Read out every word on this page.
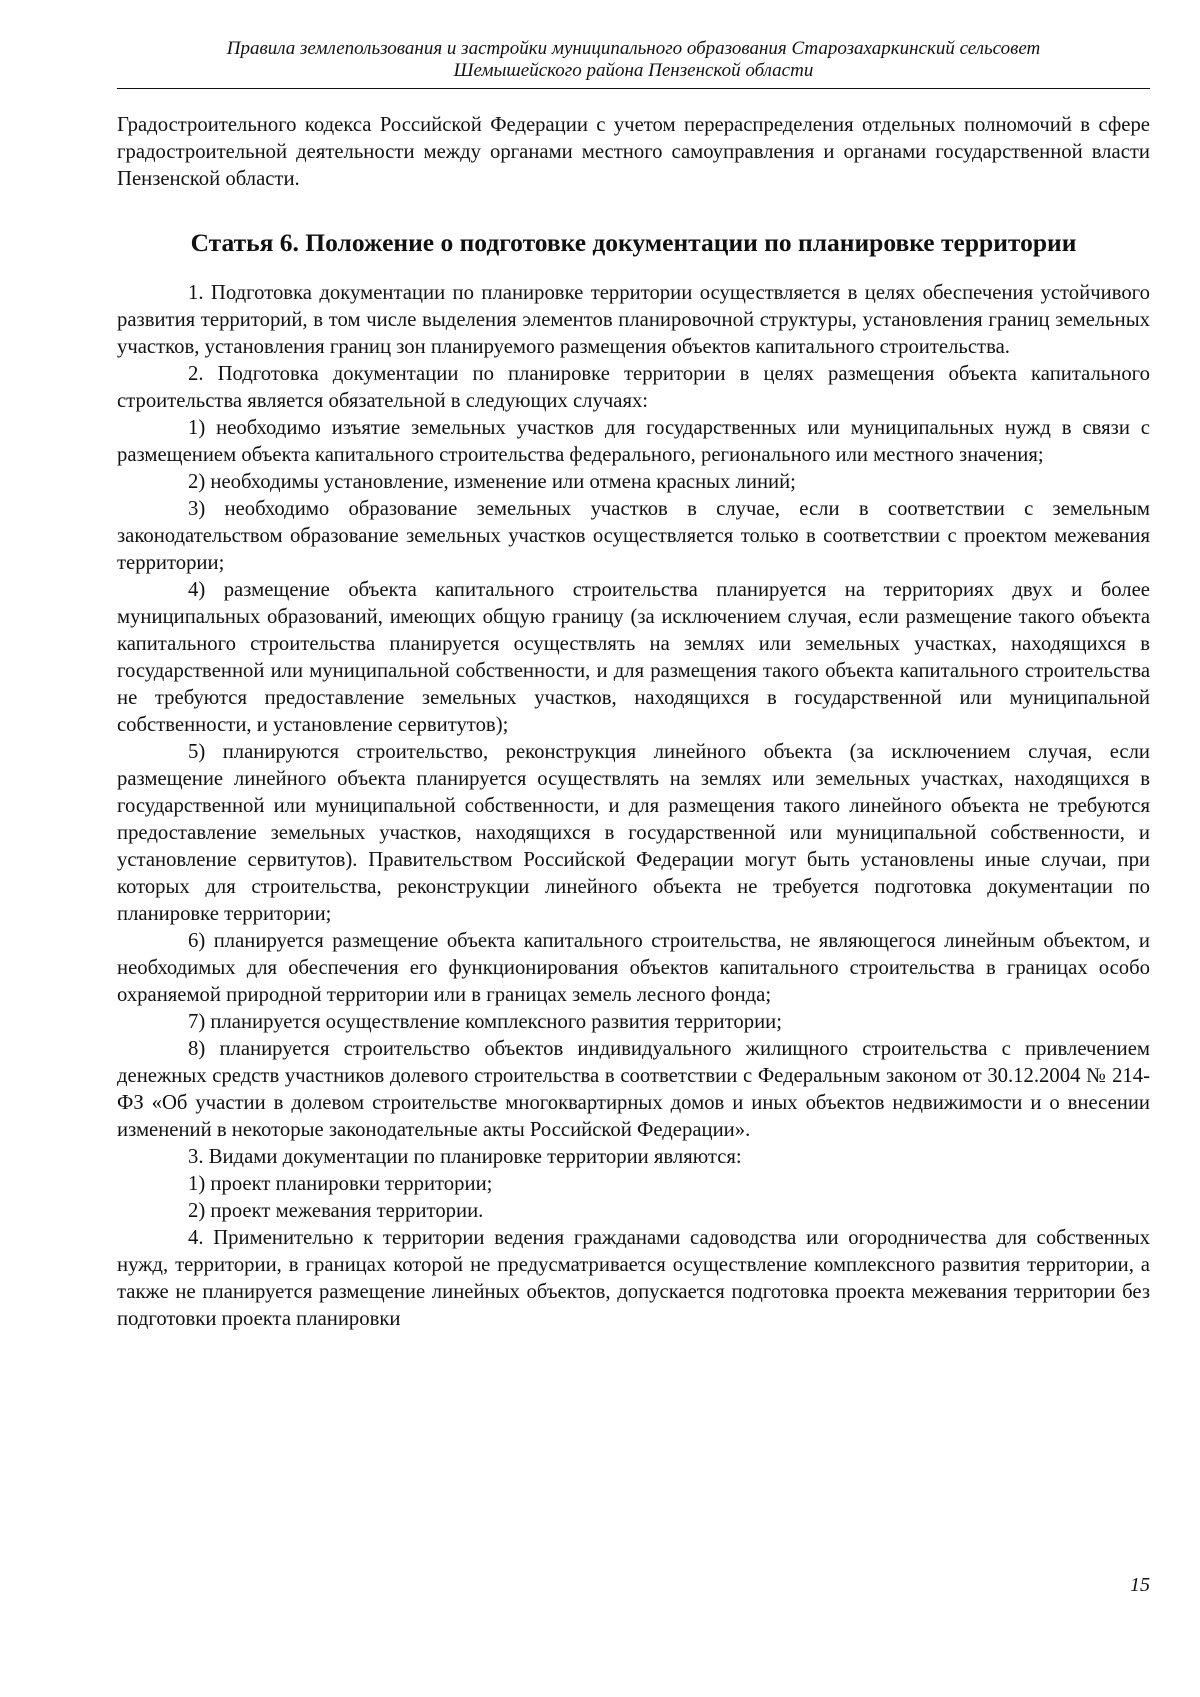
Правила землепользования и застройки муниципального образования Старозахаркинский сельсовет
Шемышейского района Пензенской области

Градостроительного кодекса Российской Федерации с учетом перераспределения отдельных полномочий в сфере градостроительной деятельности между органами местного самоуправления и органами государственной власти Пензенской области.

Статья 6. Положение о подготовке документации по планировке территории

1. Подготовка документации по планировке территории осуществляется в целях обеспечения устойчивого развития территорий, в том числе выделения элементов планировочной структуры, установления границ земельных участков, установления границ зон планируемого размещения объектов капитального строительства.

2. Подготовка документации по планировке территории в целях размещения объекта капитального строительства является обязательной в следующих случаях:

1) необходимо изъятие земельных участков для государственных или муниципальных нужд в связи с размещением объекта капитального строительства федерального, регионального или местного значения;

2) необходимы установление, изменение или отмена красных линий;

3) необходимо образование земельных участков в случае, если в соответствии с земельным законодательством образование земельных участков осуществляется только в соответствии с проектом межевания территории;

4) размещение объекта капитального строительства планируется на территориях двух и более муниципальных образований, имеющих общую границу (за исключением случая, если размещение такого объекта капитального строительства планируется осуществлять на землях или земельных участках, находящихся в государственной или муниципальной собственности, и для размещения такого объекта капитального строительства не требуются предоставление земельных участков, находящихся в государственной или муниципальной собственности, и установление сервитутов);

5) планируются строительство, реконструкция линейного объекта (за исключением случая, если размещение линейного объекта планируется осуществлять на землях или земельных участках, находящихся в государственной или муниципальной собственности, и для размещения такого линейного объекта не требуются предоставление земельных участков, находящихся в государственной или муниципальной собственности, и установление сервитутов). Правительством Российской Федерации могут быть установлены иные случаи, при которых для строительства, реконструкции линейного объекта не требуется подготовка документации по планировке территории;

6) планируется размещение объекта капитального строительства, не являющегося линейным объектом, и необходимых для обеспечения его функционирования объектов капитального строительства в границах особо охраняемой природной территории или в границах земель лесного фонда;

7) планируется осуществление комплексного развития территории;

8) планируется строительство объектов индивидуального жилищного строительства с привлечением денежных средств участников долевого строительства в соответствии с Федеральным законом от 30.12.2004 № 214-ФЗ «Об участии в долевом строительстве многоквартирных домов и иных объектов недвижимости и о внесении изменений в некоторые законодательные акты Российской Федерации».

3. Видами документации по планировке территории являются:

1) проект планировки территории;

2) проект межевания территории.

4. Применительно к территории ведения гражданами садоводства или огородничества для собственных нужд, территории, в границах которой не предусматривается осуществление комплексного развития территории, а также не планируется размещение линейных объектов, допускается подготовка проекта межевания территории без подготовки проекта планировки

15
